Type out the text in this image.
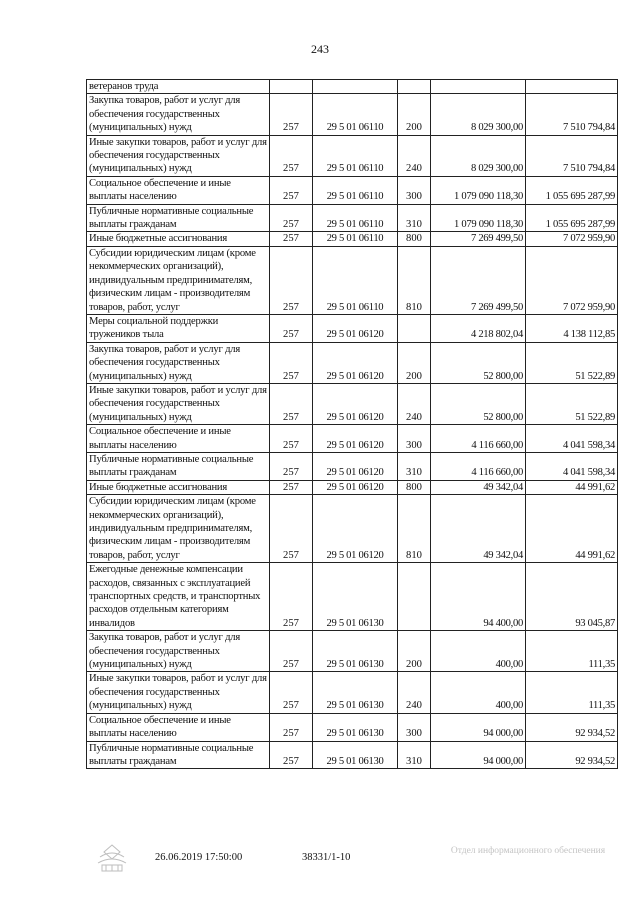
243
ветеранов труда					
Закупка товаров, работ и услуг для обеспечения государственных (муниципальных) нужд	257	29 5 01 06110	200	8 029 300,00	7 510 794,84
Иные закупки товаров, работ и услуг для обеспечения государственных (муниципальных) нужд	257	29 5 01 06110	240	8 029 300,00	7 510 794,84
Социальное обеспечение и иные выплаты населению	257	29 5 01 06110	300	1 079 090 118,30	1 055 695 287,99
Публичные нормативные социальные выплаты гражданам	257	29 5 01 06110	310	1 079 090 118,30	1 055 695 287,99
Иные бюджетные ассигнования	257	29 5 01 06110	800	7 269 499,50	7 072 959,90
Субсидии юридическим лицам (кроме некоммерческих организаций), индивидуальным предпринимателям, физическим лицам - производителям товаров, работ, услуг	257	29 5 01 06110	810	7 269 499,50	7 072 959,90
Меры социальной поддержки тружеников тыла	257	29 5 01 06120		4 218 802,04	4 138 112,85
Закупка товаров, работ и услуг для обеспечения государственных (муниципальных) нужд	257	29 5 01 06120	200	52 800,00	51 522,89
Иные закупки товаров, работ и услуг для обеспечения государственных (муниципальных) нужд	257	29 5 01 06120	240	52 800,00	51 522,89
Социальное обеспечение и иные выплаты населению	257	29 5 01 06120	300	4 116 660,00	4 041 598,34
Публичные нормативные социальные выплаты гражданам	257	29 5 01 06120	310	4 116 660,00	4 041 598,34
Иные бюджетные ассигнования	257	29 5 01 06120	800	49 342,04	44 991,62
Субсидии юридическим лицам (кроме некоммерческих организаций), индивидуальным предпринимателям, физическим лицам - производителям товаров, работ, услуг	257	29 5 01 06120	810	49 342,04	44 991,62
Ежегодные денежные компенсации расходов, связанных с эксплуатацией транспортных средств, и транспортных расходов отдельным категориям инвалидов	257	29 5 01 06130		94 400,00	93 045,87
Закупка товаров, работ и услуг для обеспечения государственных (муниципальных) нужд	257	29 5 01 06130	200	400,00	111,35
Иные закупки товаров, работ и услуг для обеспечения государственных (муниципальных) нужд	257	29 5 01 06130	240	400,00	111,35
Социальное обеспечение и иные выплаты населению	257	29 5 01 06130	300	94 000,00	92 934,52
Публичные нормативные социальные выплаты гражданам	257	29 5 01 06130	310	94 000,00	92 934,52
26.06.2019 17:50:00	38331/1-10
Отдел информационного обеспечения
